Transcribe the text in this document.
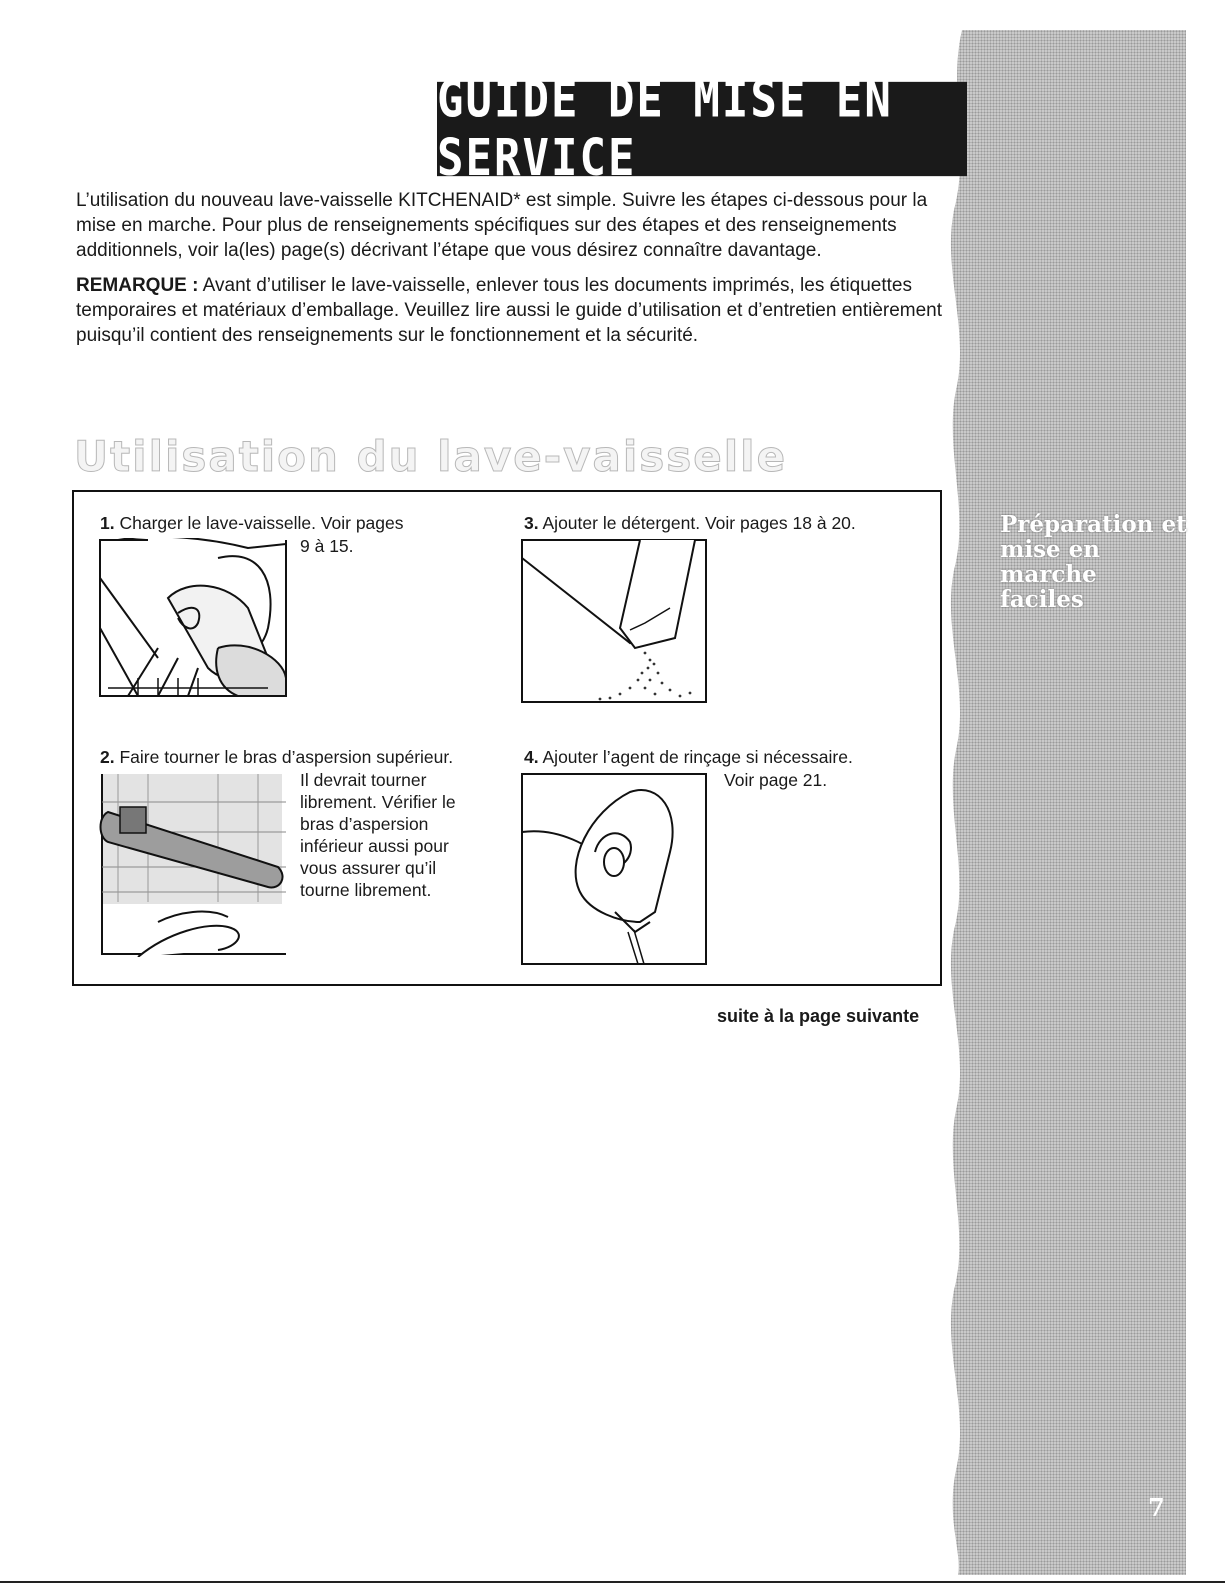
Préparation et
mise en marche
faciles
7
GUIDE DE MISE EN SERVICE

L’utilisation du nouveau lave-vaisselle KITCHENAID* est simple. Suivre les étapes ci-dessous pour la mise en marche. Pour plus de renseignements spécifiques sur des étapes et des renseignements additionnels, voir la(les) page(s) décrivant l’étape que vous désirez connaître davantage.

REMARQUE : Avant d’utiliser le lave-vaisselle, enlever tous les documents imprimés, les étiquettes temporaires et matériaux d’emballage. Veuillez lire aussi le guide d’utilisation et d’entretien entièrement puisqu’il contient des renseignements sur le fonctionnement et la sécurité.

Utilisation du lave-vaisselle
1. Charger le lave-vaisselle. Voir pages
9 à 15.
2. Faire tourner le bras d’aspersion supérieur.
Il devrait tourner
librement. Vérifier le
bras d’aspersion
inférieur aussi pour
vous assurer qu’il
tourne librement.
3. Ajouter le détergent. Voir pages 18 à 20.
4. Ajouter l’agent de rinçage si nécessaire.
Voir page 21.
suite à la page suivante
